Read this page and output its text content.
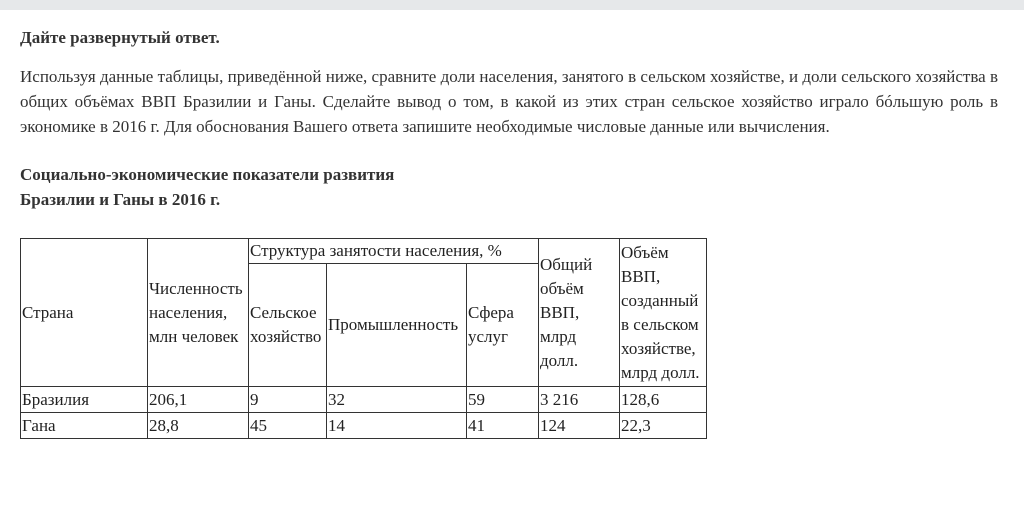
Дайте развернутый ответ.

Используя данные таблицы, приведённой ниже, сравните доли населения, занятого в сельском хозяйстве, и доли сельского хозяйства в общих объёмах ВВП Бразилии и Ганы. Сделайте вывод о том, в какой из этих стран сельское хозяйство играло бóльшую роль в экономике в 2016 г. Для обоснования Вашего ответа запишите необходимые числовые данные или вычисления.

Социально-экономические показатели развития
Бразилии и Ганы в 2016 г.
Страна	Численность населения, млн человек	Структура занятости населения, %			Общий объём ВВП, млрд долл.	Объём ВВП, созданный в сельском хозяйстве, млрд долл.
		Сельское хозяйство	Промышленность	Сфера услуг		
Бразилия	206,1	9	32	59	3 216	128,6
Гана	28,8	45	14	41	124	22,3
